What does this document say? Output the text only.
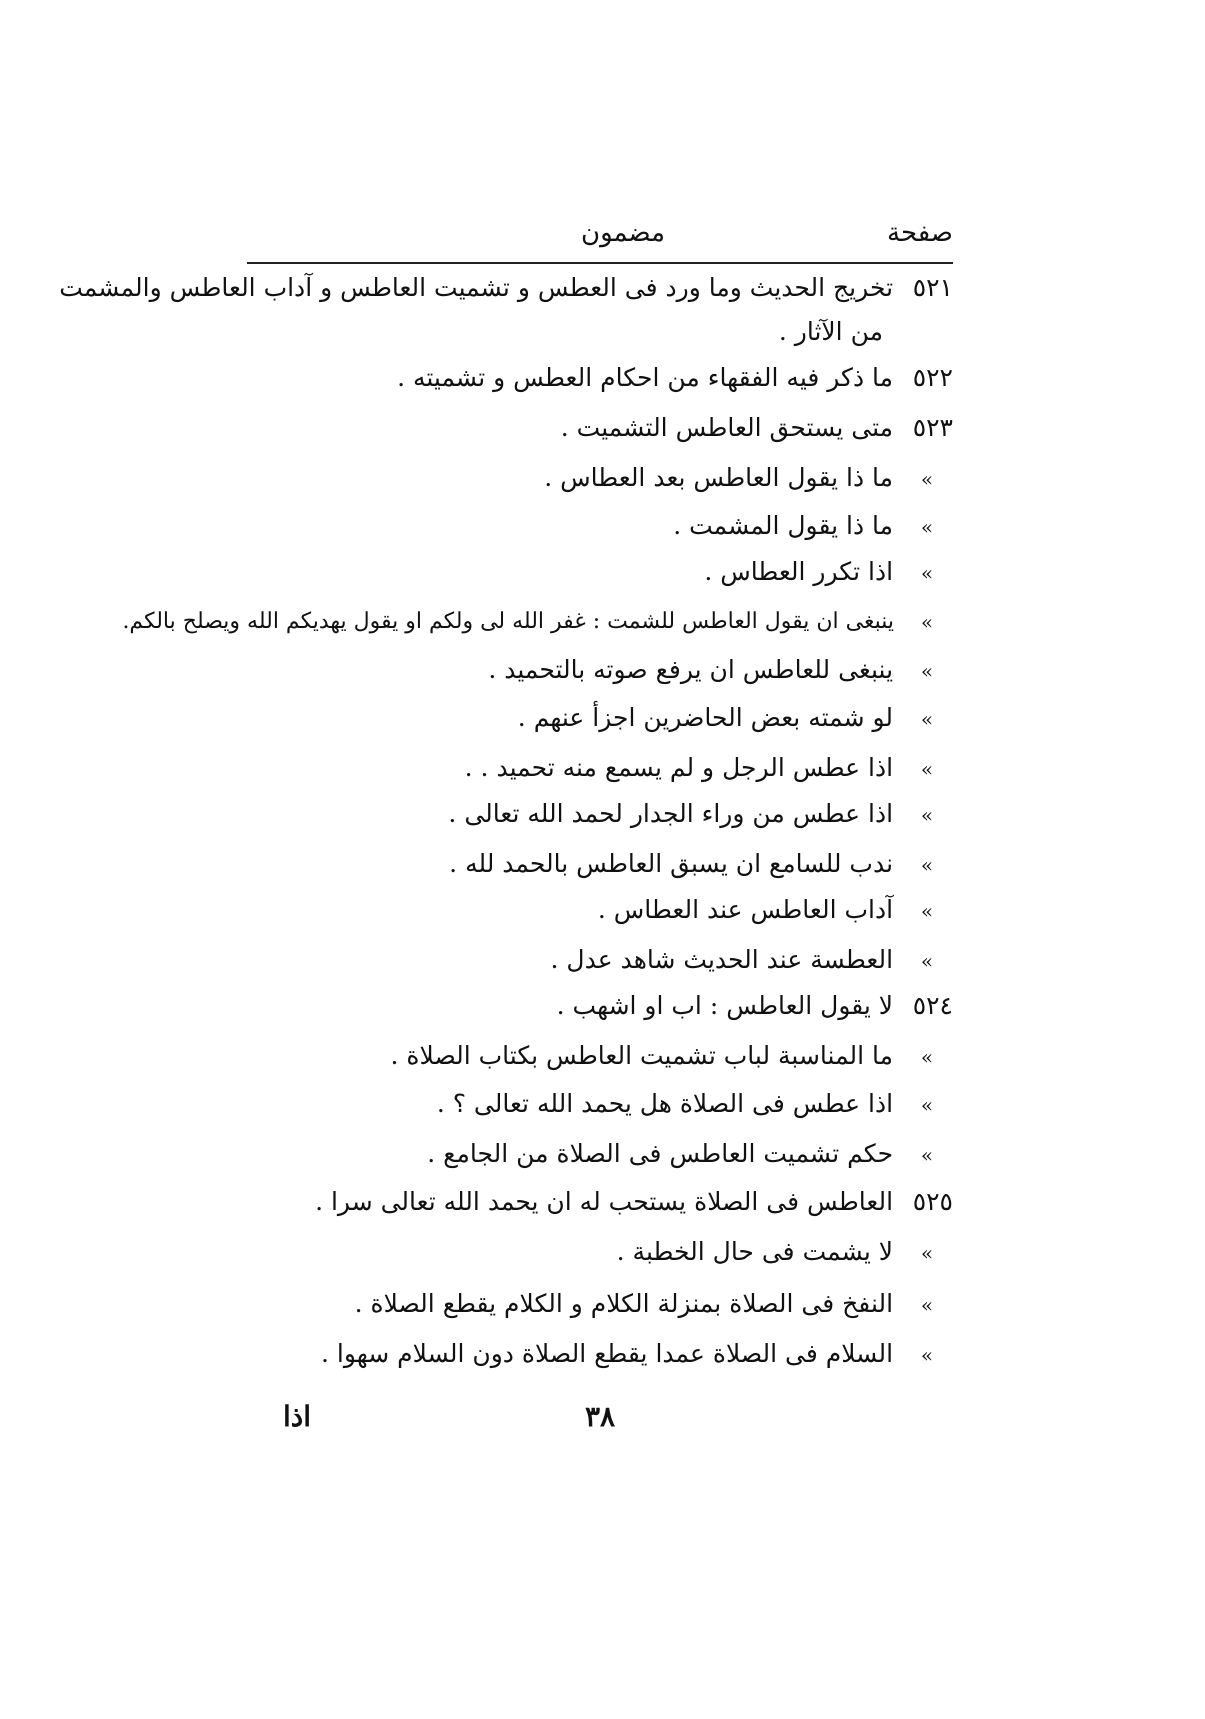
صفحة
مضمون
٥٢١ تخريج الحديث وما ورد فى العطس و تشميت العاطس و آداب العاطس والمشمت
من الآثار .
٥٢٢ ما ذكر فيه الفقهاء من احكام العطس و تشميته .
٥٢٣ متى يستحق العاطس التشميت .
» ما ذا يقول العاطس بعد العطاس .
» ما ذا يقول المشمت .
» اذا تكرر العطاس .
» ينبغى ان يقول العاطس للشمت : غفر الله لى ولكم او يقول يهديكم الله ويصلح بالكم.
» ينبغى للعاطس ان يرفع صوته بالتحميد .
» لو شمته بعض الحاضرين اجزأ عنهم .
» اذا عطس الرجل و لم يسمع منه تحميد . .
» اذا عطس من وراء الجدار لحمد الله تعالى .
» ندب للسامع ان يسبق العاطس بالحمد لله .
» آداب العاطس عند العطاس .
» العطسة عند الحديث شاهد عدل .
٥٢٤ لا يقول العاطس : اب او اشهب .
» ما المناسبة لباب تشميت العاطس بكتاب الصلاة .
» اذا عطس فى الصلاة هل يحمد الله تعالى ؟ .
» حكم تشميت العاطس فى الصلاة من الجامع .
٥٢٥ العاطس فى الصلاة يستحب له ان يحمد الله تعالى سرا .
» لا يشمت فى حال الخطبة .
» النفخ فى الصلاة بمنزلة الكلام و الكلام يقطع الصلاة .
» السلام فى الصلاة عمدا يقطع الصلاة دون السلام سهوا .
٣٨
اذا
